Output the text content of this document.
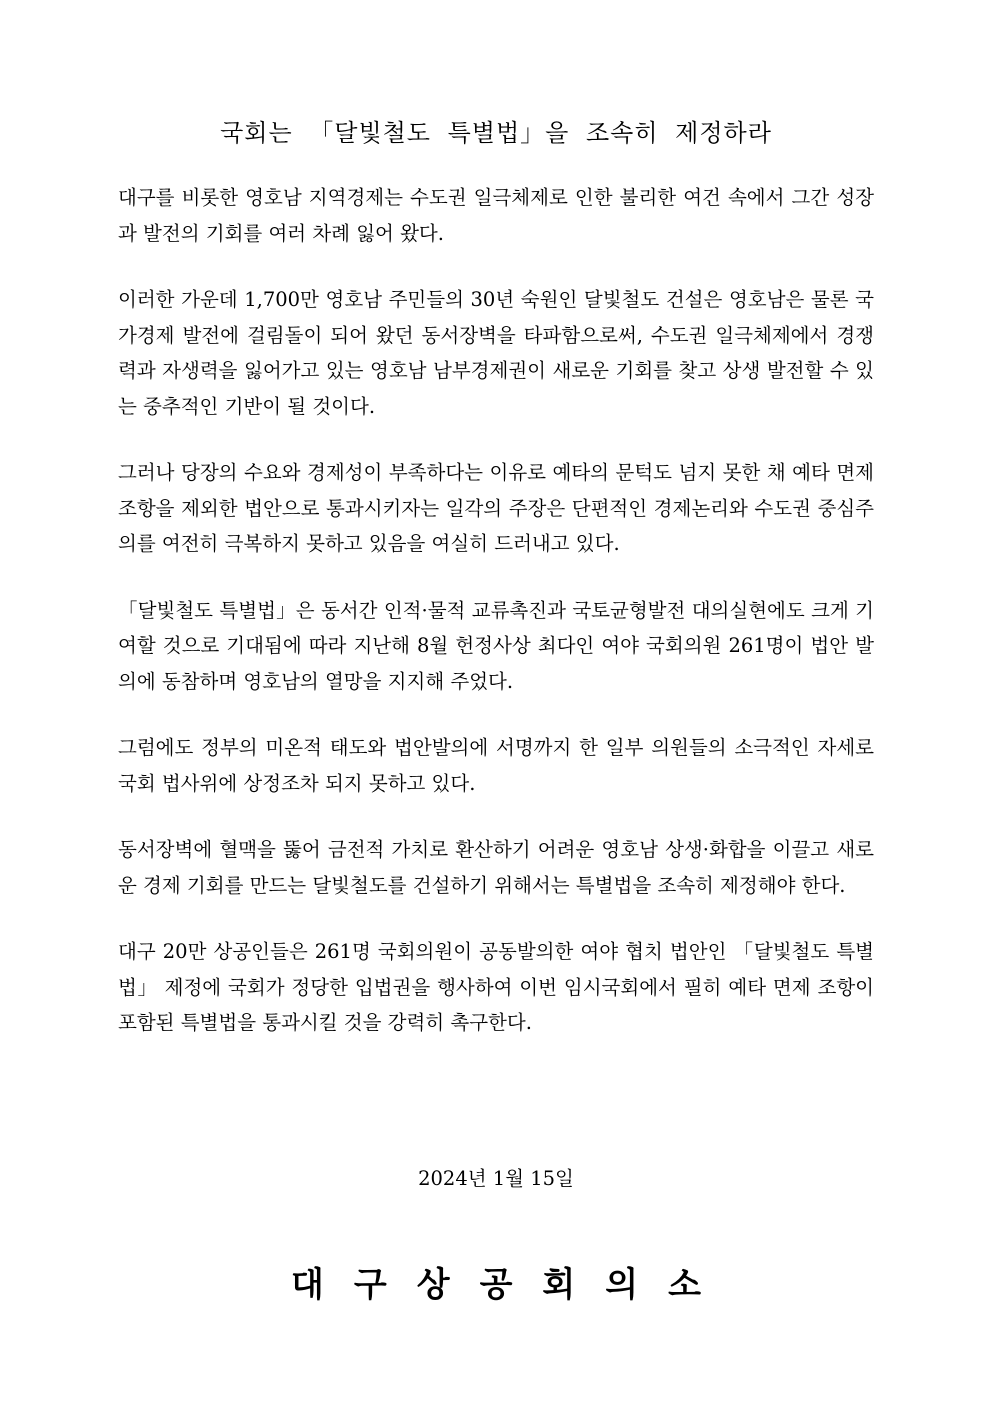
국회는 「달빛철도 특별법」을 조속히 제정하라

대구를 비롯한 영호남 지역경제는 수도권 일극체제로 인한 불리한 여건 속에서 그간 성장과 발전의 기회를 여러 차례 잃어 왔다.

이러한 가운데 1,700만 영호남 주민들의 30년 숙원인 달빛철도 건설은 영호남은 물론 국가경제 발전에 걸림돌이 되어 왔던 동서장벽을 타파함으로써, 수도권 일극체제에서 경쟁력과 자생력을 잃어가고 있는 영호남 남부경제권이 새로운 기회를 찾고 상생 발전할 수 있는 중추적인 기반이 될 것이다.

그러나 당장의 수요와 경제성이 부족하다는 이유로 예타의 문턱도 넘지 못한 채 예타 면제 조항을 제외한 법안으로 통과시키자는 일각의 주장은 단편적인 경제논리와 수도권 중심주의를 여전히 극복하지 못하고 있음을 여실히 드러내고 있다.

「달빛철도 특별법」은 동서간 인적·물적 교류촉진과 국토균형발전 대의실현에도 크게 기여할 것으로 기대됨에 따라 지난해 8월 헌정사상 최다인 여야 국회의원 261명이 법안 발의에 동참하며 영호남의 열망을 지지해 주었다.

그럼에도 정부의 미온적 태도와 법안발의에 서명까지 한 일부 의원들의 소극적인 자세로 국회 법사위에 상정조차 되지 못하고 있다.

동서장벽에 혈맥을 뚫어 금전적 가치로 환산하기 어려운 영호남 상생·화합을 이끌고 새로운 경제 기회를 만드는 달빛철도를 건설하기 위해서는 특별법을 조속히 제정해야 한다.

대구 20만 상공인들은 261명 국회의원이 공동발의한 여야 협치 법안인 「달빛철도 특별법」 제정에 국회가 정당한 입법권을 행사하여 이번 임시국회에서 필히 예타 면제 조항이 포함된 특별법을 통과시킬 것을 강력히 촉구한다.

2024년 1월 15일
대구상공회의소
